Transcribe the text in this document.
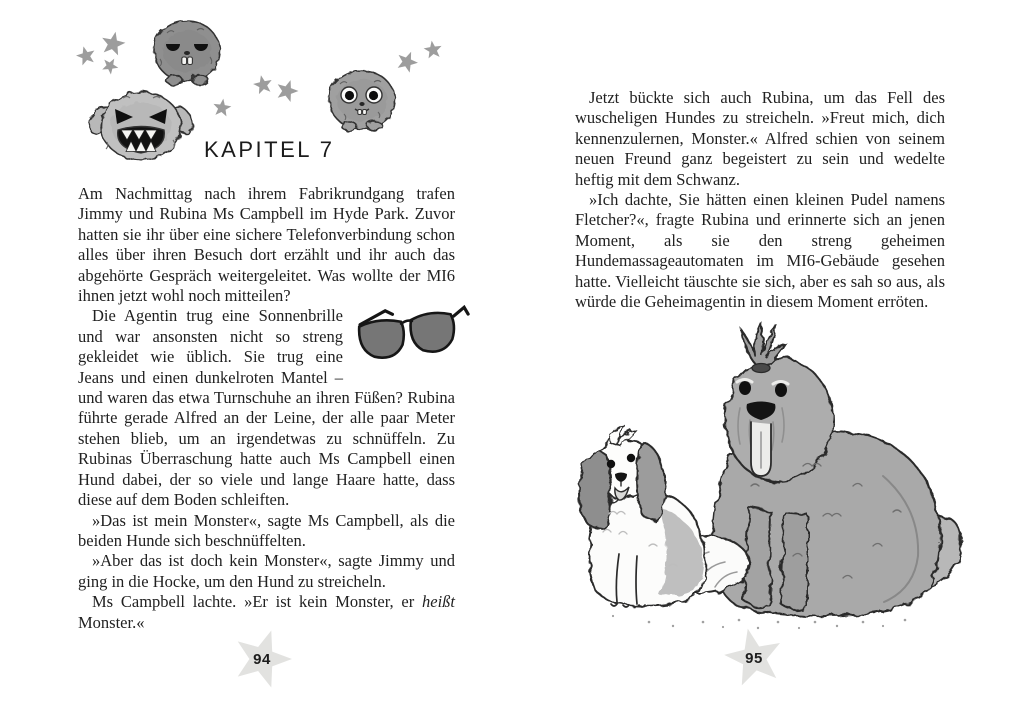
KAPITEL 7

Am Nachmittag nach ihrem Fabrikrundgang trafen Jimmy und Rubina Ms Campbell im Hyde Park. Zuvor hatten sie ihr über eine sichere Telefonverbindung schon alles über ihren Besuch dort erzählt und ihr auch das abgehörte Gespräch weitergeleitet. Was wollte der MI6 ihnen jetzt wohl noch mitteilen?

Die Agentin trug eine Sonnenbrille und war ansonsten nicht so streng gekleidet wie üblich. Sie trug eine Jeans und einen dunkelroten Mantel – und waren das etwa Turnschuhe an ihren Füßen? Rubina führte gerade Alfred an der Leine, der alle paar Meter stehen blieb, um an irgendetwas zu schnüffeln. Zu Rubinas Überraschung hatte auch Ms Campbell einen Hund dabei, der so viele und lange Haare hatte, dass diese auf dem Boden schleiften.

»Das ist mein Monster«, sagte Ms Campbell, als die beiden Hunde sich beschnüffelten.

»Aber das ist doch kein Monster«, sagte Jimmy und ging in die Hocke, um den Hund zu streicheln.

Ms Campbell lachte. »Er ist kein Monster, er heißt Monster.«

94

Jetzt bückte sich auch Rubina, um das Fell des wuscheligen Hundes zu streicheln. »Freut mich, dich kennenzulernen, Monster.« Alfred schien von seinem neuen Freund ganz begeistert zu sein und wedelte heftig mit dem Schwanz.

»Ich dachte, Sie hätten einen kleinen Pudel namens Fletcher?«, fragte Rubina und erinnerte sich an jenen Moment, als sie den streng geheimen Hundemassageautomaten im MI6-Gebäude gesehen hatte. Vielleicht täuschte sie sich, aber es sah so aus, als würde die Geheimagentin in diesem Moment erröten.

95
